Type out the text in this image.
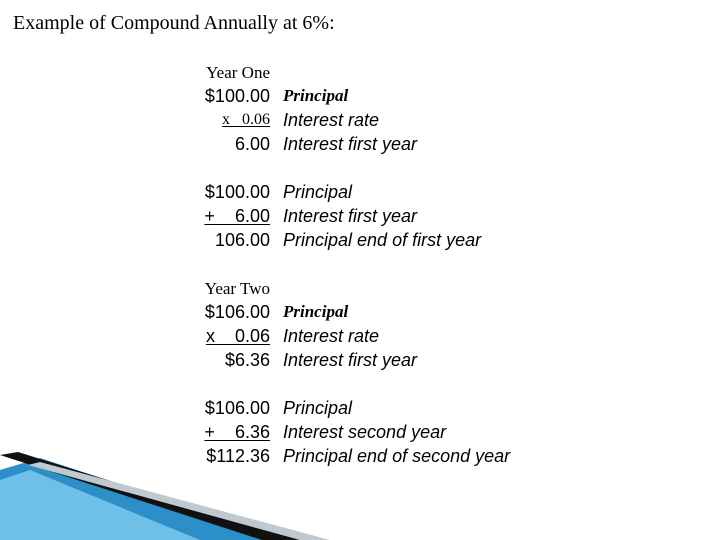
Example of Compound Annually at 6%:
Year One
$100.00 Principal
x 0.06 Interest rate
6.00 Interest first year
$100.00 Principal
+ 6.00 Interest first year
106.00 Principal end of first year
Year Two
$106.00 Principal
x 0.06 Interest rate
$6.36 Interest first year
$106.00 Principal
+ 6.36 Interest second year
$112.36 Principal end of second year
